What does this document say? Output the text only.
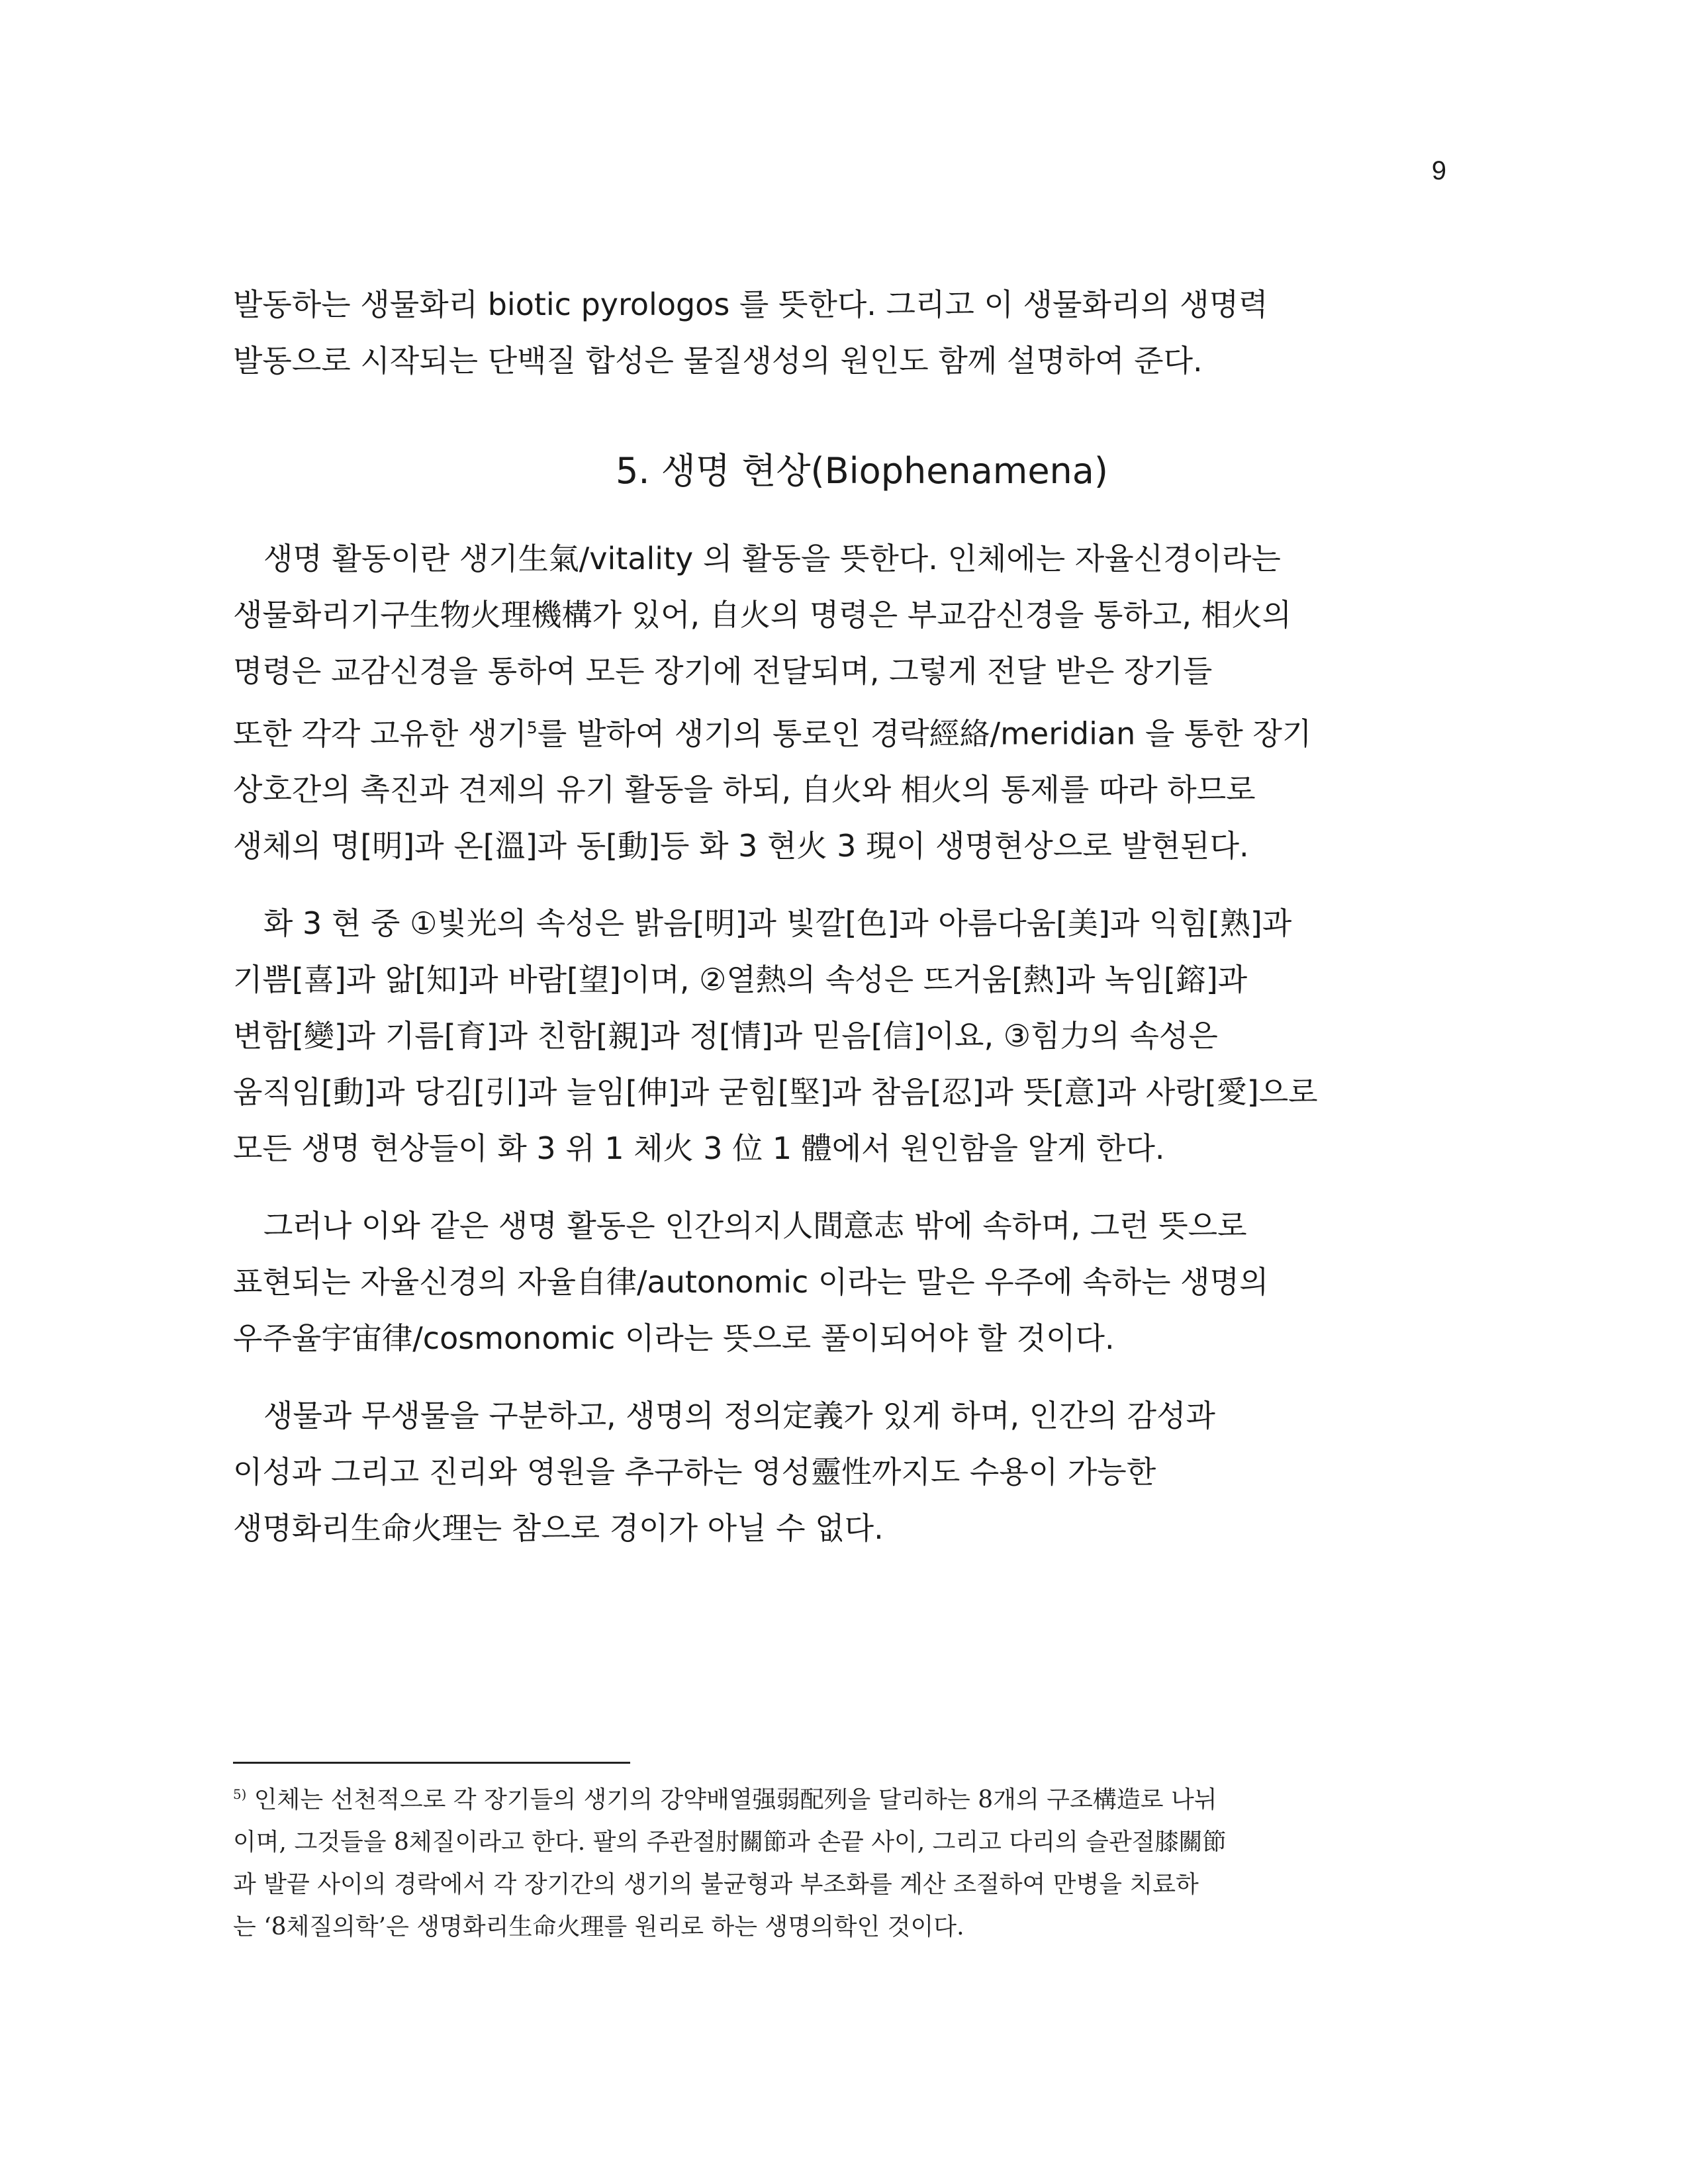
9

발동하는 생물화리 biotic pyrologos 를 뜻한다. 그리고 이 생물화리의 생명력
발동으로 시작되는 단백질 합성은 물질생성의 원인도 함께 설명하여 준다.

5. 생명 현상(Biophenamena)

생명 활동이란 생기生氣/vitality 의 활동을 뜻한다. 인체에는 자율신경이라는
생물화리기구生物火理機構가 있어, 自火의 명령은 부교감신경을 통하고, 相火의
명령은 교감신경을 통하여 모든 장기에 전달되며, 그렇게 전달 받은 장기들
또한 각각 고유한 생기$^5$를 발하여 생기의 통로인 경락經絡/meridian 을 통한 장기
상호간의 촉진과 견제의 유기 활동을 하되, 自火와 相火의 통제를 따라 하므로
생체의 명[明]과 온[溫]과 동[動]등 화 3 현火 3 現이 생명현상으로 발현된다.

화 3 현 중 ①빛光의 속성은 밝음[明]과 빛깔[色]과 아름다움[美]과 익힘[熟]과
기쁨[喜]과 앎[知]과 바람[望]이며, ②열熱의 속성은 뜨거움[熱]과 녹임[鎔]과
변함[變]과 기름[育]과 친함[親]과 정[情]과 믿음[信]이요, ③힘力의 속성은
움직임[動]과 당김[引]과 늘임[伸]과 굳힘[堅]과 참음[忍]과 뜻[意]과 사랑[愛]으로
모든 생명 현상들이 화 3 위 1 체火 3 位 1 體에서 원인함을 알게 한다.

그러나 이와 같은 생명 활동은 인간의지人間意志 밖에 속하며, 그런 뜻으로
표현되는 자율신경의 자율自律/autonomic 이라는 말은 우주에 속하는 생명의
우주율宇宙律/cosmonomic 이라는 뜻으로 풀이되어야 할 것이다.

생물과 무생물을 구분하고, 생명의 정의定義가 있게 하며, 인간의 감성과
이성과 그리고 진리와 영원을 추구하는 영성靈性까지도 수용이 가능한
생명화리生命火理는 참으로 경이가 아닐 수 없다.

$^{5)}$ 인체는 선천적으로 각 장기들의 생기의 강약배열强弱配列을 달리하는 8개의 구조構造로 나뉘
이며, 그것들을 8체질이라고 한다. 팔의 주관절肘關節과 손끝 사이, 그리고 다리의 슬관절膝關節
과 발끝 사이의 경락에서 각 장기간의 생기의 불균형과 부조화를 계산 조절하여 만병을 치료하
는 ‘8체질의학’은 생명화리生命火理를 원리로 하는 생명의학인 것이다.
